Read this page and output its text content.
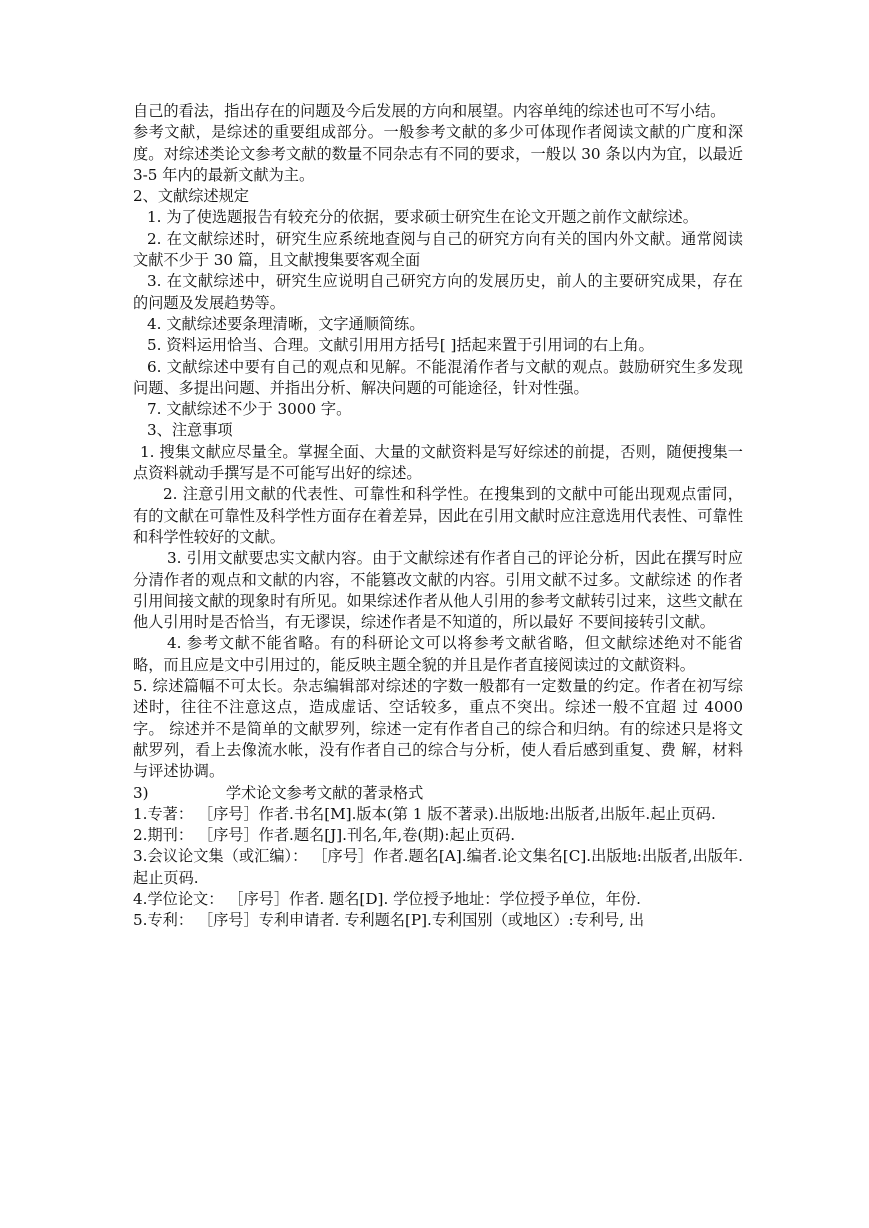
自己的看法，指出存在的问题及今后发展的方向和展望。内容单纯的综述也可不写小结。

参考文献，是综述的重要组成部分。一般参考文献的多少可体现作者阅读文献的广度和深度。对综述类论文参考文献的数量不同杂志有不同的要求，一般以 30 条以内为宜，以最近 3-5 年内的最新文献为主。

2、文献综述规定

1. 为了使选题报告有较充分的依据，要求硕士研究生在论文开题之前作文献综述。

2. 在文献综述时，研究生应系统地查阅与自己的研究方向有关的国内外文献。通常阅读文献不少于 30 篇，且文献搜集要客观全面

3. 在文献综述中，研究生应说明自己研究方向的发展历史，前人的主要研究成果，存在的问题及发展趋势等。

4. 文献综述要条理清晰，文字通顺简练。

5. 资料运用恰当、合理。文献引用用方括号[ ]括起来置于引用词的右上角。

6. 文献综述中要有自己的观点和见解。不能混淆作者与文献的观点。鼓励研究生多发现问题、多提出问题、并指出分析、解决问题的可能途径，针对性强。

7. 文献综述不少于 3000 字。

3、注意事项

1. 搜集文献应尽量全。掌握全面、大量的文献资料是写好综述的前提，否则，随便搜集一点资料就动手撰写是不可能写出好的综述。

2. 注意引用文献的代表性、可靠性和科学性。在搜集到的文献中可能出现观点雷同，有的文献在可靠性及科学性方面存在着差异，因此在引用文献时应注意选用代表性、可靠性和科学性较好的文献。

3. 引用文献要忠实文献内容。由于文献综述有作者自己的评论分析，因此在撰写时应分清作者的观点和文献的内容，不能篡改文献的内容。引用文献不过多。文献综述 的作者引用间接文献的现象时有所见。如果综述作者从他人引用的参考文献转引过来，这些文献在他人引用时是否恰当，有无谬误，综述作者是不知道的，所以最好 不要间接转引文献。

4. 参考文献不能省略。有的科研论文可以将参考文献省略，但文献综述绝对不能省略，而且应是文中引用过的，能反映主题全貌的并且是作者直接阅读过的文献资料。

5. 综述篇幅不可太长。杂志编辑部对综述的字数一般都有一定数量的约定。作者在初写综述时，往往不注意这点，造成虚话、空话较多，重点不突出。综述一般不宜超 过 4000 字。 综述并不是简单的文献罗列，综述一定有作者自己的综合和归纳。有的综述只是将文献罗列，看上去像流水帐，没有作者自己的综合与分析，使人看后感到重复、费 解，材料与评述协调。

3)                学术论文参考文献的著录格式

1.专著： ［序号］作者.书名[M].版本(第 1 版不著录).出版地:出版者,出版年.起止页码.

2.期刊： ［序号］作者.题名[J].刊名,年,卷(期):起止页码.

3.会议论文集（或汇编）： ［序号］作者.题名[A].编者.论文集名[C].出版地:出版者,出版年.起止页码.

4.学位论文： ［序号］作者. 题名[D]. 学位授予地址：学位授予单位，年份.

5.专利： ［序号］专利申请者. 专利题名[P].专利国别（或地区）:专利号, 出
